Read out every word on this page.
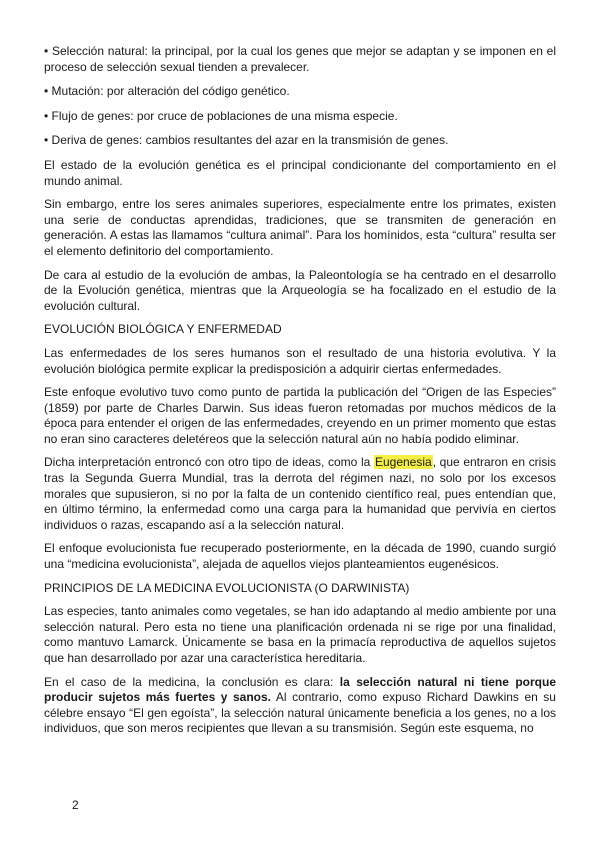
• Selección natural: la principal, por la cual los genes que mejor se adaptan y se imponen en el proceso de selección sexual tienden a prevalecer.

• Mutación: por alteración del código genético.

• Flujo de genes: por cruce de poblaciones de una misma especie.

• Deriva de genes: cambios resultantes del azar en la transmisión de genes.

El estado de la evolución genética es el principal condicionante del comportamiento en el mundo animal.

Sin embargo, entre los seres animales superiores, especialmente entre los primates, existen una serie de conductas aprendidas, tradiciones, que se transmiten de generación en generación. A estas las llamamos “cultura animal”. Para los homínidos, esta “cultura” resulta ser el elemento definitorio del comportamiento.

De cara al estudio de la evolución de ambas, la Paleontología se ha centrado en el desarrollo de la Evolución genética, mientras que la Arqueología se ha focalizado en el estudio de la evolución cultural.

EVOLUCIÓN BIOLÓGICA Y ENFERMEDAD

Las enfermedades de los seres humanos son el resultado de una historia evolutiva. Y la evolución biológica permite explicar la predisposición a adquirir ciertas enfermedades.

Este enfoque evolutivo tuvo como punto de partida la publicación del “Origen de las Especies” (1859) por parte de Charles Darwin. Sus ideas fueron retomadas por muchos médicos de la época para entender el origen de las enfermedades, creyendo en un primer momento que estas no eran sino caracteres deletéreos que la selección natural aún no había podido eliminar.

Dicha interpretación entroncó con otro tipo de ideas, como la Eugenesia, que entraron en crisis tras la Segunda Guerra Mundial, tras la derrota del régimen nazi, no solo por los excesos morales que supusieron, si no por la falta de un contenido científico real, pues entendían que, en último término, la enfermedad como una carga para la humanidad que pervivía en ciertos individuos o razas, escapando así a la selección natural.

El enfoque evolucionista fue recuperado posteriormente, en la década de 1990, cuando surgió una “medicina evolucionista”, alejada de aquellos viejos planteamientos eugenésicos.

PRINCIPIOS DE LA MEDICINA EVOLUCIONISTA (O DARWINISTA)

Las especies, tanto animales como vegetales, se han ido adaptando al medio ambiente por una selección natural. Pero esta no tiene una planificación ordenada ni se rige por una finalidad, como mantuvo Lamarck. Únicamente se basa en la primacía reproductiva de aquellos sujetos que han desarrollado por azar una característica hereditaria.

En el caso de la medicina, la conclusión es clara: la selección natural ni tiene porque producir sujetos más fuertes y sanos. Al contrario, como expuso Richard Dawkins en su célebre ensayo “El gen egoísta”, la selección natural únicamente beneficia a los genes, no a los individuos, que son meros recipientes que llevan a su transmisión. Según este esquema, no

2
